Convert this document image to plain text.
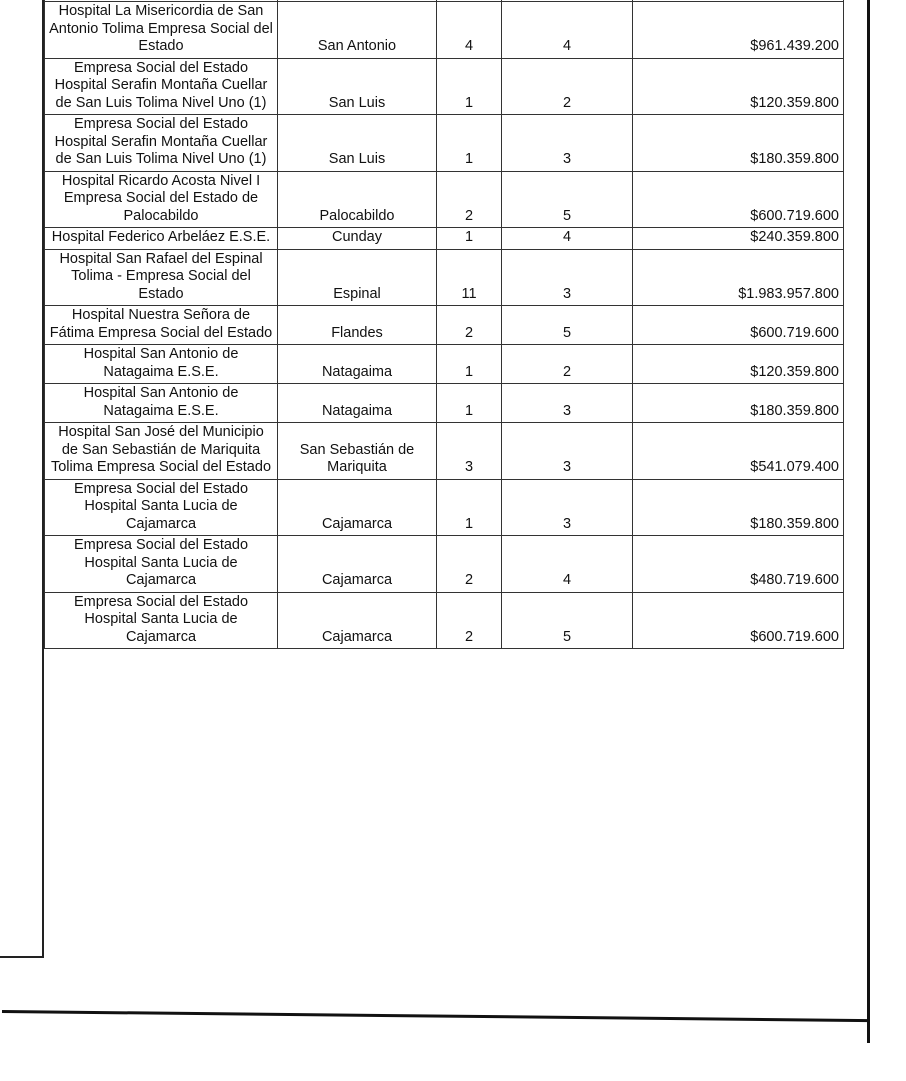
Hospital La Misericordia de San Antonio Tolima Empresa Social del Estado	San Antonio	4	4	$961.439.200
Empresa Social del Estado Hospital Serafin Montaña Cuellar de San Luis Tolima Nivel Uno (1)	San Luis	1	2	$120.359.800
Empresa Social del Estado Hospital Serafin Montaña Cuellar de San Luis Tolima Nivel Uno (1)	San Luis	1	3	$180.359.800
Hospital Ricardo Acosta Nivel I Empresa Social del Estado de Palocabildo	Palocabildo	2	5	$600.719.600
Hospital Federico Arbeláez E.S.E.	Cunday	1	4	$240.359.800
Hospital San Rafael del Espinal Tolima - Empresa Social del Estado	Espinal	11	3	$1.983.957.800
Hospital Nuestra Señora de Fátima Empresa Social del Estado	Flandes	2	5	$600.719.600
Hospital San Antonio de Natagaima E.S.E.	Natagaima	1	2	$120.359.800
Hospital San Antonio de Natagaima E.S.E.	Natagaima	1	3	$180.359.800
Hospital San José del Municipio de San Sebastián de Mariquita Tolima Empresa Social del Estado	San Sebastián de Mariquita	3	3	$541.079.400
Empresa Social del Estado Hospital Santa Lucia de Cajamarca	Cajamarca	1	3	$180.359.800
Empresa Social del Estado Hospital Santa Lucia de Cajamarca	Cajamarca	2	4	$480.719.600
Empresa Social del Estado Hospital Santa Lucia de Cajamarca	Cajamarca	2	5	$600.719.600
